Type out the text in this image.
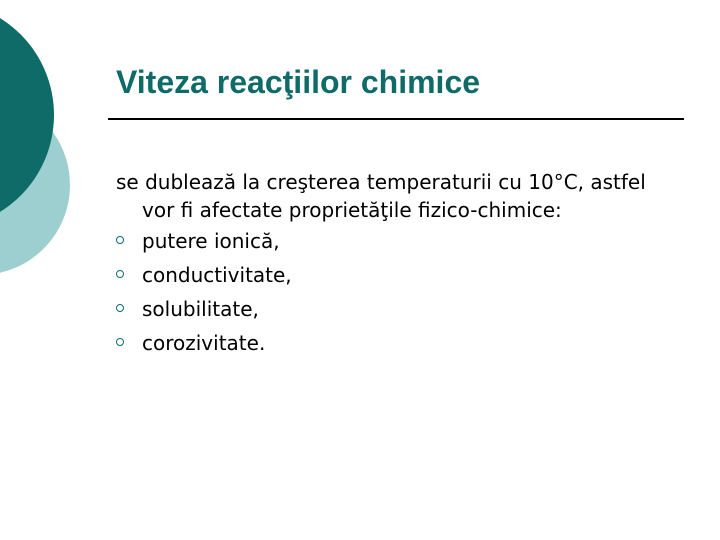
Viteza reacţiilor chimice

se dublează la creşterea temperaturii cu 10°C, astfel vor fi afectate proprietăţile fizico-chimice:

putere ionică,
conductivitate,
solubilitate,
corozivitate.
